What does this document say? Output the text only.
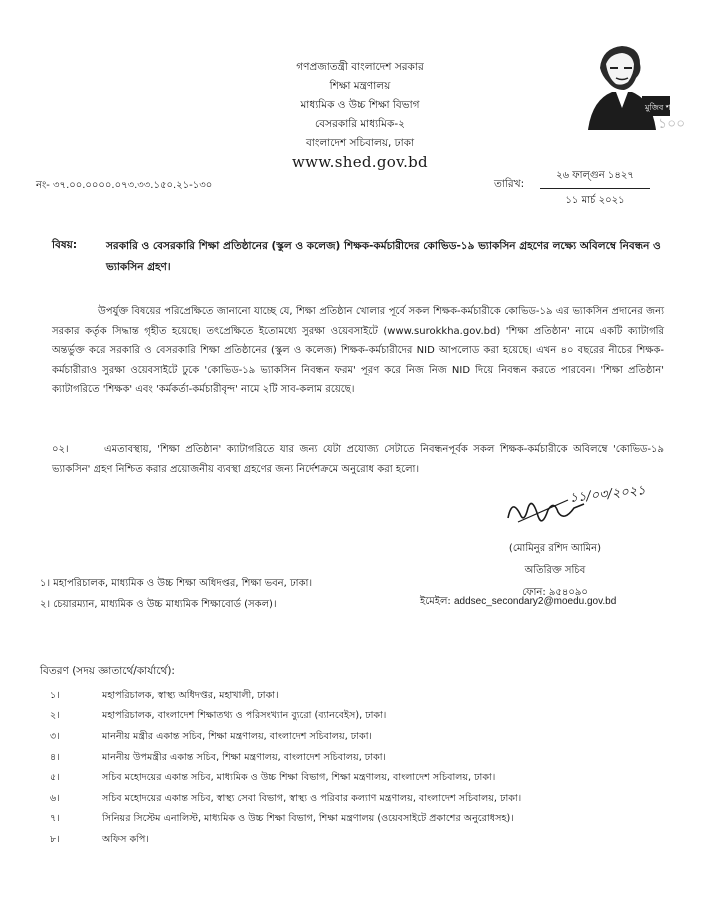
গণপ্রজাতন্ত্রী বাংলাদেশ সরকার
শিক্ষা মন্ত্রণালয়
মাধ্যমিক ও উচ্চ শিক্ষা বিভাগ
বেসরকারি মাধ্যমিক-২
বাংলাদেশ সচিবালয়, ঢাকা
www.shed.gov.bd
মুজিব শতবর্ষ
১০০
নং- ৩৭.০০.০০০০.০৭৩.৩৩.১৫০.২১-১৩০	তারিখ:
২৬ ফাল্গুন ১৪২৭
১১ মার্চ ২০২১
বিষয়:	সরকারি ও বেসরকারি শিক্ষা প্রতিষ্ঠানের (স্কুল ও কলেজ) শিক্ষক-কর্মচারীদের কোভিড-১৯ ভ্যাকসিন গ্রহণের লক্ষ্যে অবিলম্বে নিবন্ধন ও ভ্যাকসিন গ্রহণ।
উপর্যুক্ত বিষয়ের পরিপ্রেক্ষিতে জানানো যাচ্ছে যে, শিক্ষা প্রতিষ্ঠান খোলার পূর্বে সকল শিক্ষক-কর্মচারীকে কোভিড-১৯ এর ভ্যাকসিন প্রদানের জন্য সরকার কর্তৃক সিদ্ধান্ত গৃহীত হয়েছে। তৎপ্রেক্ষিতে ইতোমধ্যে সুরক্ষা ওয়েবসাইটে (www.surokkha.gov.bd) 'শিক্ষা প্রতিষ্ঠান' নামে একটি ক্যাটাগরি অন্তর্ভুক্ত করে সরকারি ও বেসরকারি শিক্ষা প্রতিষ্ঠানের (স্কুল ও কলেজ) শিক্ষক-কর্মচারীদের NID আপলোড করা হয়েছে। এখন ৪০ বছরের নীচের শিক্ষক-কর্মচারীরাও সুরক্ষা ওয়েবসাইটে ঢুকে 'কোভিড-১৯ ভ্যাকসিন নিবন্ধন ফরম' পূরণ করে নিজ নিজ NID দিয়ে নিবন্ধন করতে পারবেন। 'শিক্ষা প্রতিষ্ঠান' ক্যাটাগরিতে 'শিক্ষক' এবং 'কর্মকর্তা-কর্মচারীবৃন্দ' নামে ২টি সাব-কলাম রয়েছে।
০২।	এমতাবস্থায়, 'শিক্ষা প্রতিষ্ঠান' ক্যাটাগরিতে যার জন্য যেটা প্রযোজ্য সেটাতে নিবন্ধনপূর্বক সকল শিক্ষক-কর্মচারীকে অবিলম্বে 'কোভিড-১৯ ভ্যাকসিন' গ্রহণ নিশ্চিত করার প্রয়োজনীয় ব্যবস্থা গ্রহণের জন্য নির্দেশক্রমে অনুরোধ করা হলো।
১১/০৩/২০২১
(মোমিনুর রশিদ আমিন)
অতিরিক্ত সচিব
ফোন: ৯৫৪০৯০
ইমেইল: addsec_secondary2@moedu.gov.bd
১। মহাপরিচালক, মাধ্যমিক ও উচ্চ শিক্ষা অধিদপ্তর, শিক্ষা ভবন, ঢাকা।
২। চেয়ারম্যান, মাধ্যমিক ও উচ্চ মাধ্যমিক শিক্ষাবোর্ড (সকল)।
বিতরণ (সদয় জ্ঞাতার্থে/কার্যার্থে):
১।	মহাপরিচালক, স্বাস্থ্য অধিদপ্তর, মহাখালী, ঢাকা।
২।	মহাপরিচালক, বাংলাদেশ শিক্ষাতথ্য ও পরিসংখ্যান ব্যুরো (ব্যানবেইস), ঢাকা।
৩।	মাননীয় মন্ত্রীর একান্ত সচিব, শিক্ষা মন্ত্রণালয়, বাংলাদেশ সচিবালয়, ঢাকা।
৪।	মাননীয় উপমন্ত্রীর একান্ত সচিব, শিক্ষা মন্ত্রণালয়, বাংলাদেশ সচিবালয়, ঢাকা।
৫।	সচিব মহোদয়ের একান্ত সচিব, মাধ্যমিক ও উচ্চ শিক্ষা বিভাগ, শিক্ষা মন্ত্রণালয়, বাংলাদেশ সচিবালয়, ঢাকা।
৬।	সচিব মহোদয়ের একান্ত সচিব, স্বাস্থ্য সেবা বিভাগ, স্বাস্থ্য ও পরিবার কল্যাণ মন্ত্রণালয়, বাংলাদেশ সচিবালয়, ঢাকা।
৭।	সিনিয়র সিস্টেম এনালিস্ট, মাধ্যমিক ও উচ্চ শিক্ষা বিভাগ, শিক্ষা মন্ত্রণালয় (ওয়েবসাইটে প্রকাশের অনুরোধসহ)।
৮।	অফিস কপি।
